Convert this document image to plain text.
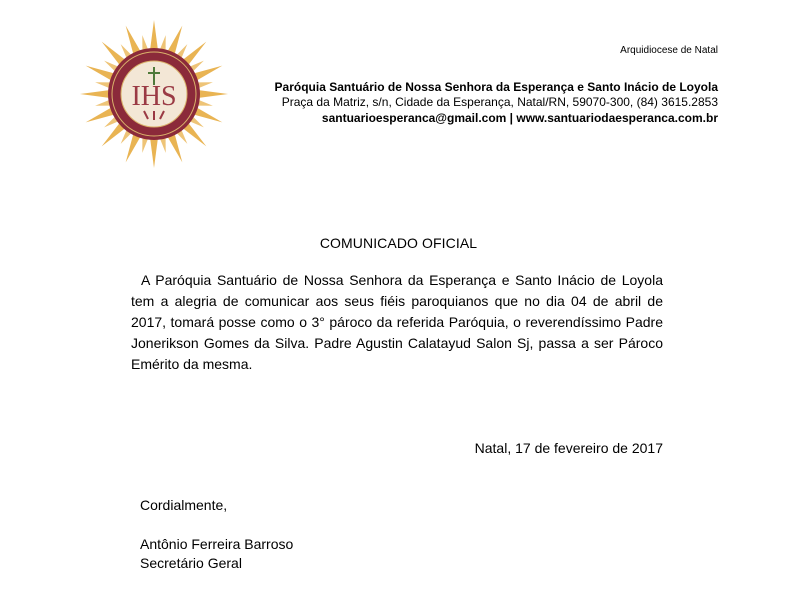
IHS
Arquidiocese de Natal
Paróquia Santuário de Nossa Senhora da Esperança e Santo Inácio de Loyola
Praça da Matriz, s/n, Cidade da Esperança, Natal/RN, 59070-300, (84) 3615.2853
santuarioesperanca@gmail.com | www.santuariodaesperanca.com.br
COMUNICADO OFICIAL

A Paróquia Santuário de Nossa Senhora da Esperança e Santo Inácio de Loyola tem a alegria de comunicar aos seus fiéis paroquianos que no dia 04 de abril de 2017, tomará posse como o 3° pároco da referida Paróquia, o reverendíssimo Padre Jonerikson Gomes da Silva. Padre Agustin Calatayud Salon Sj, passa a ser Pároco Emérito da mesma.

Natal, 17 de fevereiro de 2017
Cordialmente,
Antônio Ferreira Barroso
Secretário Geral
